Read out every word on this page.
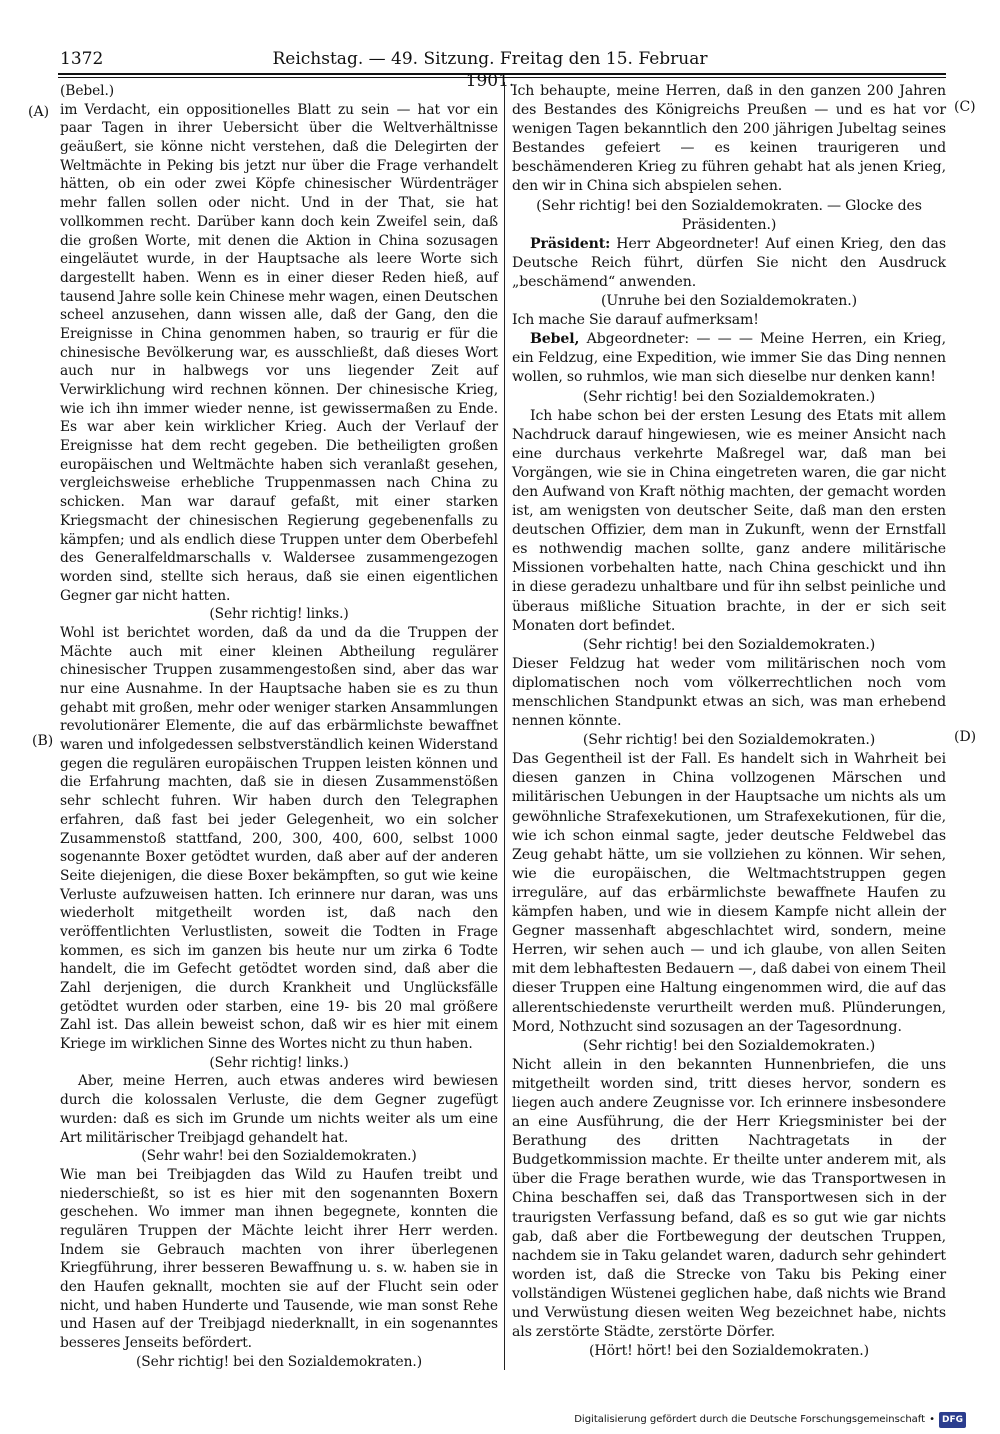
1372	Reichstag. — 49. Sitzung. Freitag den 15. Februar 1901.
(A)
(B)
(C)
(D)

(Bebel.)

im Verdacht, ein oppositionelles Blatt zu sein — hat vor ein paar Tagen in ihrer Uebersicht über die Weltverhältnisse geäußert, sie könne nicht verstehen, daß die Delegirten der Weltmächte in Peking bis jetzt nur über die Frage verhandelt hätten, ob ein oder zwei Köpfe chinesischer Würdenträger mehr fallen sollen oder nicht. Und in der That, sie hat vollkommen recht. Darüber kann doch kein Zweifel sein, daß die großen Worte, mit denen die Aktion in China sozusagen eingeläutet wurde, in der Hauptsache als leere Worte sich dargestellt haben. Wenn es in einer dieser Reden hieß, auf tausend Jahre solle kein Chinese mehr wagen, einen Deutschen scheel anzusehen, dann wissen alle, daß der Gang, den die Ereignisse in China genommen haben, so traurig er für die chinesische Bevölkerung war, es ausschließt, daß dieses Wort auch nur in halbwegs vor uns liegender Zeit auf Verwirklichung wird rechnen können. Der chinesische Krieg, wie ich ihn immer wieder nenne, ist gewissermaßen zu Ende. Es war aber kein wirklicher Krieg. Auch der Verlauf der Ereignisse hat dem recht gegeben. Die betheiligten großen europäischen und Weltmächte haben sich veranlaßt gesehen, vergleichsweise erhebliche Truppenmassen nach China zu schicken. Man war darauf gefaßt, mit einer starken Kriegsmacht der chinesischen Regierung gegebenenfalls zu kämpfen; und als endlich diese Truppen unter dem Oberbefehl des Generalfeldmarschalls v. Waldersee zusammengezogen worden sind, stellte sich heraus, daß sie einen eigentlichen Gegner gar nicht hatten.

(Sehr richtig! links.)

Wohl ist berichtet worden, daß da und da die Truppen der Mächte auch mit einer kleinen Abtheilung regulärer chinesischer Truppen zusammengestoßen sind, aber das war nur eine Ausnahme. In der Hauptsache haben sie es zu thun gehabt mit großen, mehr oder weniger starken Ansammlungen revolutionärer Elemente, die auf das erbärmlichste bewaffnet waren und infolgedessen selbstverständlich keinen Widerstand gegen die regulären europäischen Truppen leisten können und die Erfahrung machten, daß sie in diesen Zusammenstößen sehr schlecht fuhren. Wir haben durch den Telegraphen erfahren, daß fast bei jeder Gelegenheit, wo ein solcher Zusammenstoß stattfand, 200, 300, 400, 600, selbst 1000 sogenannte Boxer getödtet wurden, daß aber auf der anderen Seite diejenigen, die diese Boxer bekämpften, so gut wie keine Verluste aufzuweisen hatten. Ich erinnere nur daran, was uns wiederholt mitgetheilt worden ist, daß nach den veröffentlichten Verlustlisten, soweit die Todten in Frage kommen, es sich im ganzen bis heute nur um zirka 6 Todte handelt, die im Gefecht getödtet worden sind, daß aber die Zahl derjenigen, die durch Krankheit und Unglücksfälle getödtet wurden oder starben, eine 19- bis 20 mal größere Zahl ist. Das allein beweist schon, daß wir es hier mit einem Kriege im wirklichen Sinne des Wortes nicht zu thun haben.

(Sehr richtig! links.)

Aber, meine Herren, auch etwas anderes wird bewiesen durch die kolossalen Verluste, die dem Gegner zugefügt wurden: daß es sich im Grunde um nichts weiter als um eine Art militärischer Treibjagd gehandelt hat.

(Sehr wahr! bei den Sozialdemokraten.)

Wie man bei Treibjagden das Wild zu Haufen treibt und niederschießt, so ist es hier mit den sogenannten Boxern geschehen. Wo immer man ihnen begegnete, konnten die regulären Truppen der Mächte leicht ihrer Herr werden. Indem sie Gebrauch machten von ihrer überlegenen Kriegführung, ihrer besseren Bewaffnung u. s. w. haben sie in den Haufen geknallt, mochten sie auf der Flucht sein oder nicht, und haben Hunderte und Tausende, wie man sonst Rehe und Hasen auf der Treibjagd niederknallt, in ein sogenanntes besseres Jenseits befördert.

(Sehr richtig! bei den Sozialdemokraten.)

Ich behaupte, meine Herren, daß in den ganzen 200 Jahren des Bestandes des Königreichs Preußen — und es hat vor wenigen Tagen bekanntlich den 200 jährigen Jubeltag seines Bestandes gefeiert — es keinen traurigeren und beschämenderen Krieg zu führen gehabt hat als jenen Krieg, den wir in China sich abspielen sehen.

(Sehr richtig! bei den Sozialdemokraten. — Glocke des Präsidenten.)

Präsident: Herr Abgeordneter! Auf einen Krieg, den das Deutsche Reich führt, dürfen Sie nicht den Ausdruck „beschämend“ anwenden.

(Unruhe bei den Sozialdemokraten.)

Ich mache Sie darauf aufmerksam!

Bebel, Abgeordneter: — — — Meine Herren, ein Krieg, ein Feldzug, eine Expedition, wie immer Sie das Ding nennen wollen, so ruhmlos, wie man sich dieselbe nur denken kann!

(Sehr richtig! bei den Sozialdemokraten.)

Ich habe schon bei der ersten Lesung des Etats mit allem Nachdruck darauf hingewiesen, wie es meiner Ansicht nach eine durchaus verkehrte Maßregel war, daß man bei Vorgängen, wie sie in China eingetreten waren, die gar nicht den Aufwand von Kraft nöthig machten, der gemacht worden ist, am wenigsten von deutscher Seite, daß man den ersten deutschen Offizier, dem man in Zukunft, wenn der Ernstfall es nothwendig machen sollte, ganz andere militärische Missionen vorbehalten hatte, nach China geschickt und ihn in diese geradezu unhaltbare und für ihn selbst peinliche und überaus mißliche Situation brachte, in der er sich seit Monaten dort befindet.

(Sehr richtig! bei den Sozialdemokraten.)

Dieser Feldzug hat weder vom militärischen noch vom diplomatischen noch vom völkerrechtlichen noch vom menschlichen Standpunkt etwas an sich, was man erhebend nennen könnte.

(Sehr richtig! bei den Sozialdemokraten.)

Das Gegentheil ist der Fall. Es handelt sich in Wahrheit bei diesen ganzen in China vollzogenen Märschen und militärischen Uebungen in der Hauptsache um nichts als um gewöhnliche Strafexekutionen, um Strafexekutionen, für die, wie ich schon einmal sagte, jeder deutsche Feldwebel das Zeug gehabt hätte, um sie vollziehen zu können. Wir sehen, wie die europäischen, die Weltmachtstruppen gegen irreguläre, auf das erbärmlichste bewaffnete Haufen zu kämpfen haben, und wie in diesem Kampfe nicht allein der Gegner massenhaft abgeschlachtet wird, sondern, meine Herren, wir sehen auch — und ich glaube, von allen Seiten mit dem lebhaftesten Bedauern —, daß dabei von einem Theil dieser Truppen eine Haltung eingenommen wird, die auf das allerentschiedenste verurtheilt werden muß. Plünderungen, Mord, Nothzucht sind sozusagen an der Tagesordnung.

(Sehr richtig! bei den Sozialdemokraten.)

Nicht allein in den bekannten Hunnenbriefen, die uns mitgetheilt worden sind, tritt dieses hervor, sondern es liegen auch andere Zeugnisse vor. Ich erinnere insbesondere an eine Ausführung, die der Herr Kriegsminister bei der Berathung des dritten Nachtragetats in der Budgetkommission machte. Er theilte unter anderem mit, als über die Frage berathen wurde, wie das Transportwesen in China beschaffen sei, daß das Transportwesen sich in der traurigsten Verfassung befand, daß es so gut wie gar nichts gab, daß aber die Fortbewegung der deutschen Truppen, nachdem sie in Taku gelandet waren, dadurch sehr gehindert worden ist, daß die Strecke von Taku bis Peking einer vollständigen Wüstenei geglichen habe, daß nichts wie Brand und Verwüstung diesen weiten Weg bezeichnet habe, nichts als zerstörte Städte, zerstörte Dörfer.

(Hört! hört! bei den Sozialdemokraten.)

Digitalisierung gefördert durch die Deutsche Forschungsgemeinschaft • DFG
